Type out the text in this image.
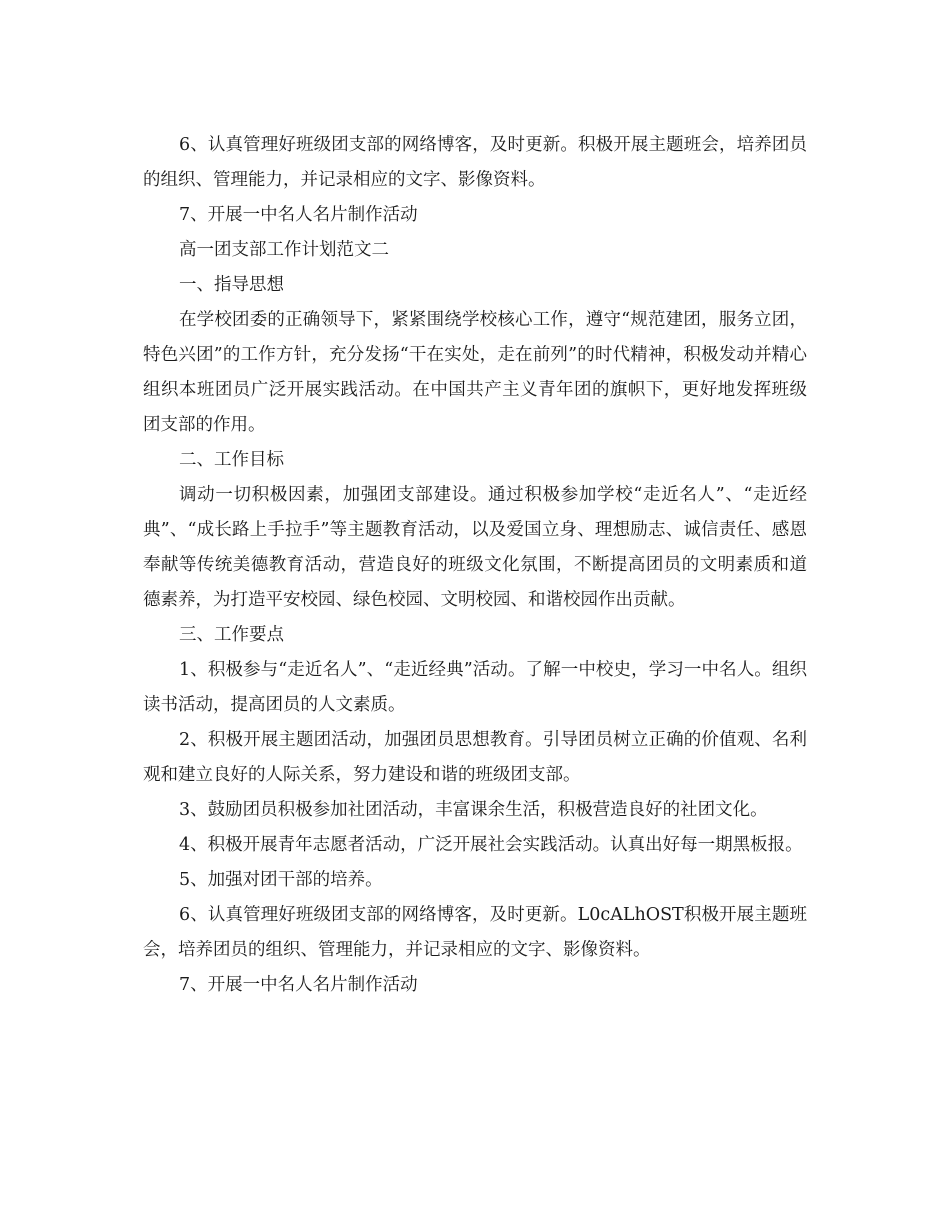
6、认真管理好班级团支部的网络博客，及时更新。积极开展主题班会，培养团员的组织、管理能力，并记录相应的文字、影像资料。

7、开展一中名人名片制作活动

高一团支部工作计划范文二

一、指导思想

在学校团委的正确领导下，紧紧围绕学校核心工作，遵守“规范建团，服务立团，特色兴团”的工作方针，充分发扬“干在实处，走在前列”的时代精神，积极发动并精心组织本班团员广泛开展实践活动。在中国共产主义青年团的旗帜下，更好地发挥班级团支部的作用。

二、工作目标

调动一切积极因素，加强团支部建设。通过积极参加学校“走近名人”、“走近经典”、“成长路上手拉手”等主题教育活动，以及爱国立身、理想励志、诚信责任、感恩奉献等传统美德教育活动，营造良好的班级文化氛围，不断提高团员的文明素质和道德素养，为打造平安校园、绿色校园、文明校园、和谐校园作出贡献。

三、工作要点

1、积极参与“走近名人”、“走近经典”活动。了解一中校史，学习一中名人。组织读书活动，提高团员的人文素质。

2、积极开展主题团活动，加强团员思想教育。引导团员树立正确的价值观、名利观和建立良好的人际关系，努力建设和谐的班级团支部。

3、鼓励团员积极参加社团活动，丰富课余生活，积极营造良好的社团文化。

4、积极开展青年志愿者活动，广泛开展社会实践活动。认真出好每一期黑板报。

5、加强对团干部的培养。

6、认真管理好班级团支部的网络博客，及时更新。L0cALhOST积极开展主题班会，培养团员的组织、管理能力，并记录相应的文字、影像资料。

7、开展一中名人名片制作活动
